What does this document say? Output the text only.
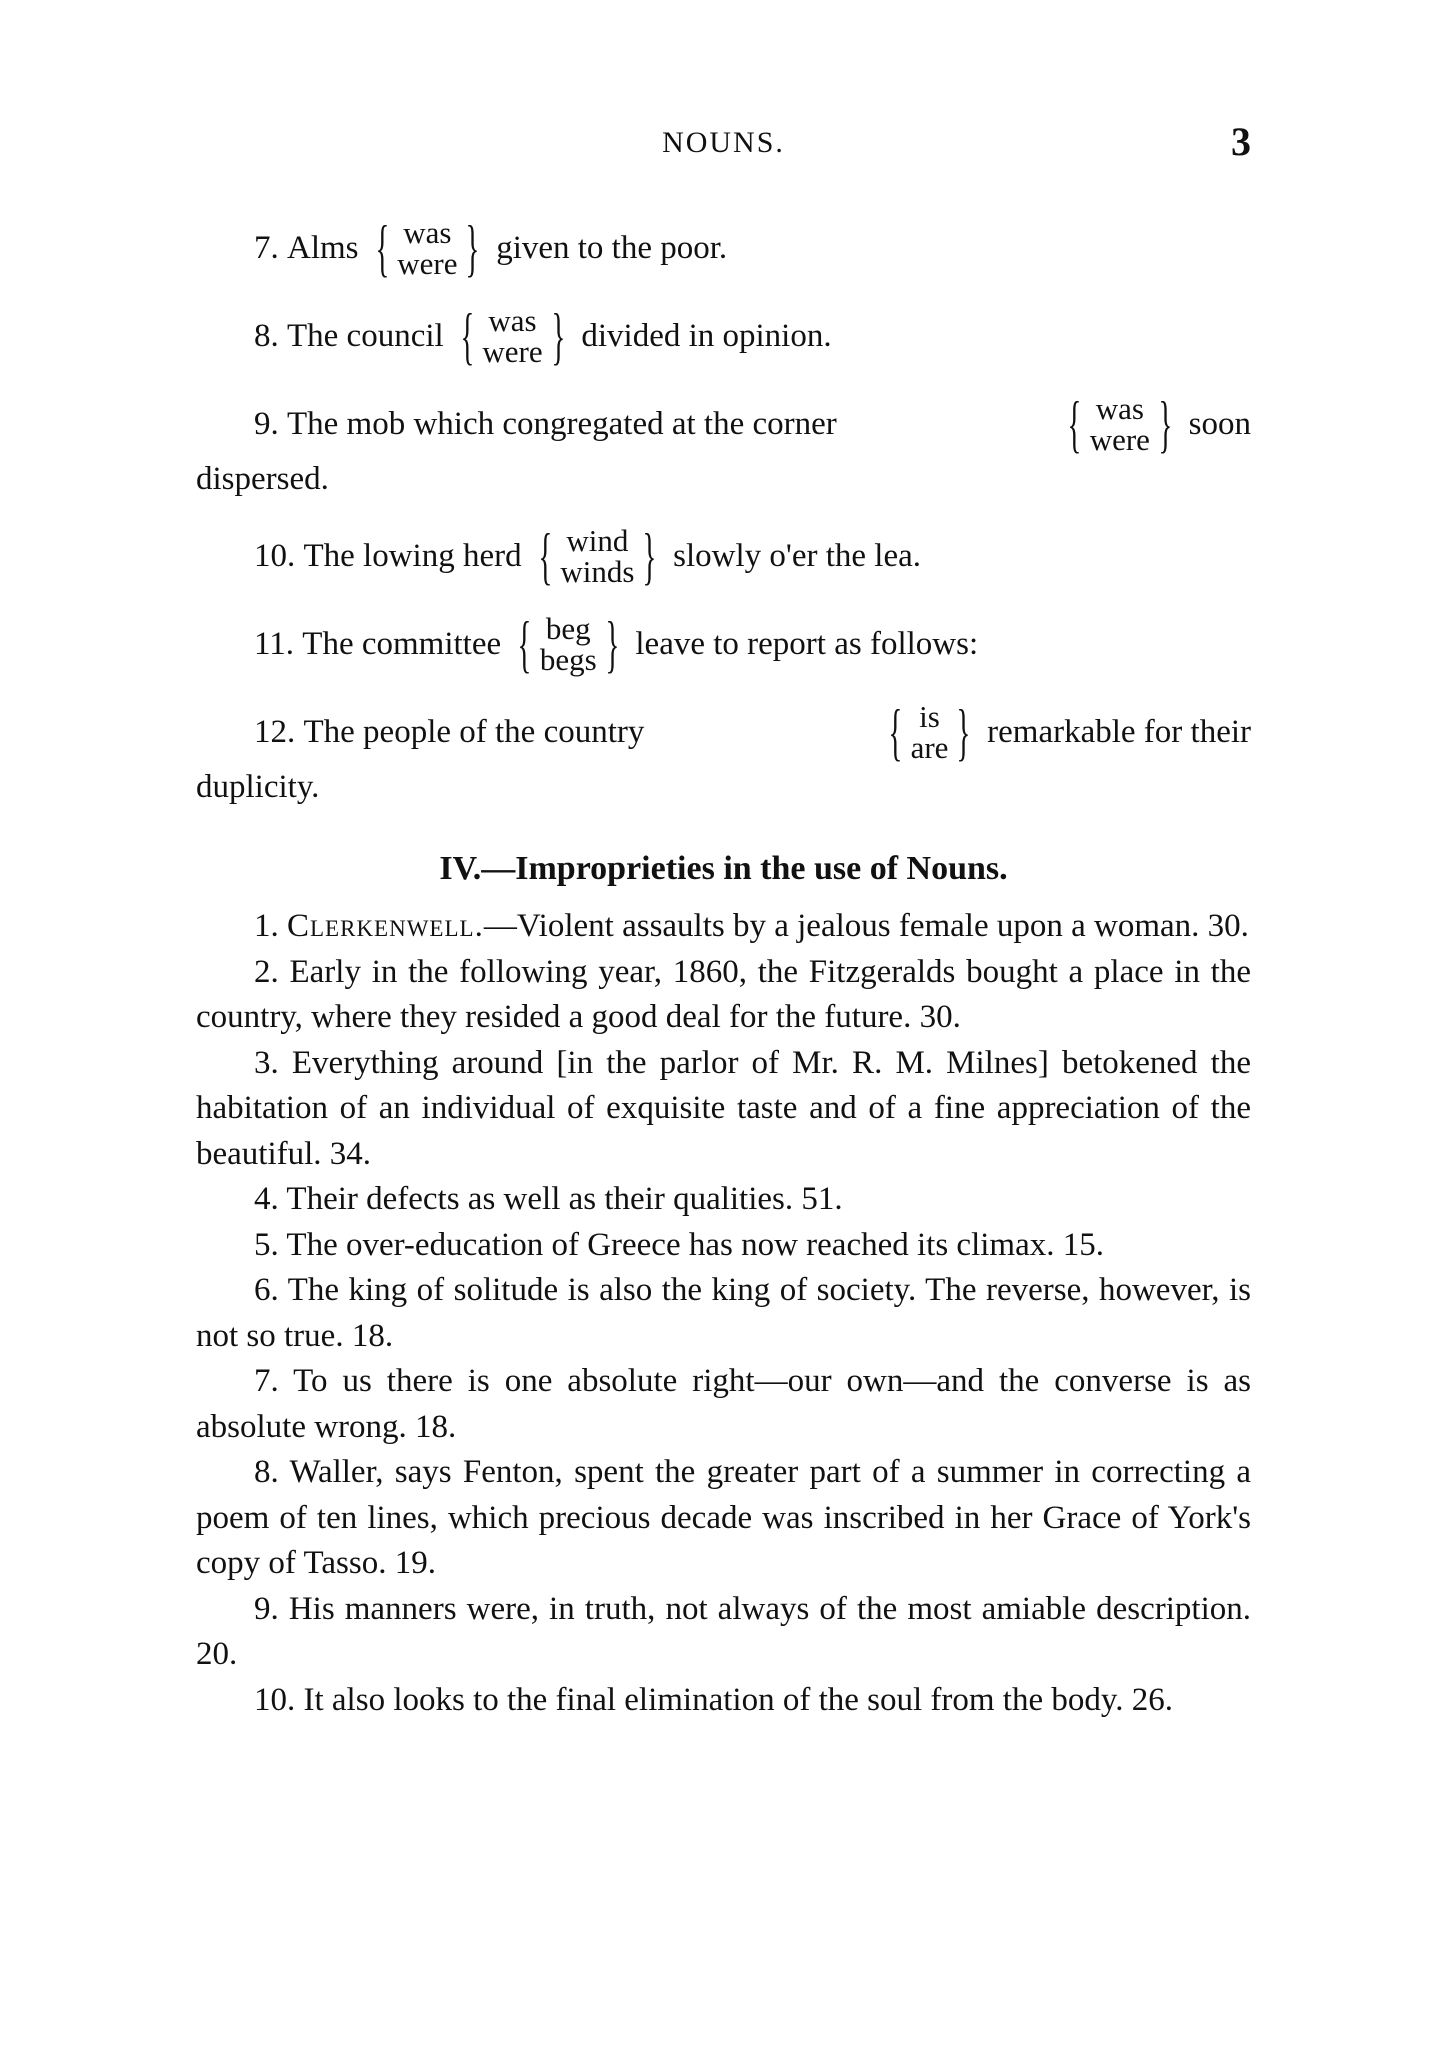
NOUNS.	3
7.
Alms { was
were } given to the poor.
8.
The council { was
were } divided in opinion.
9. The mob which congregated at the corner	{ was
were } soon
dispersed.
10.
The lowing herd { wind
winds } slowly o'er the lea.
11.
The committee { beg
begs } leave to report as follows:
12. The people of the country	{ is
are } remarkable for their
duplicity.
IV.—Improprieties in the use of Nouns.

1. Clerkenwell.—Violent assaults by a jealous female upon a woman. 30.

2. Early in the following year, 1860, the Fitzgeralds bought a place in the country, where they resided a good deal for the future. 30.

3. Everything around [in the parlor of Mr. R. M. Milnes] betokened the habitation of an individual of exquisite taste and of a fine appreciation of the beautiful. 34.

4. Their defects as well as their qualities. 51.

5. The over-education of Greece has now reached its climax. 15.

6. The king of solitude is also the king of society. The reverse, however, is not so true. 18.

7. To us there is one absolute right—our own—and the converse is as absolute wrong. 18.

8. Waller, says Fenton, spent the greater part of a summer in correcting a poem of ten lines, which precious decade was inscribed in her Grace of York's copy of Tasso. 19.

9. His manners were, in truth, not always of the most amiable description. 20.

10. It also looks to the final elimination of the soul from the body. 26.
